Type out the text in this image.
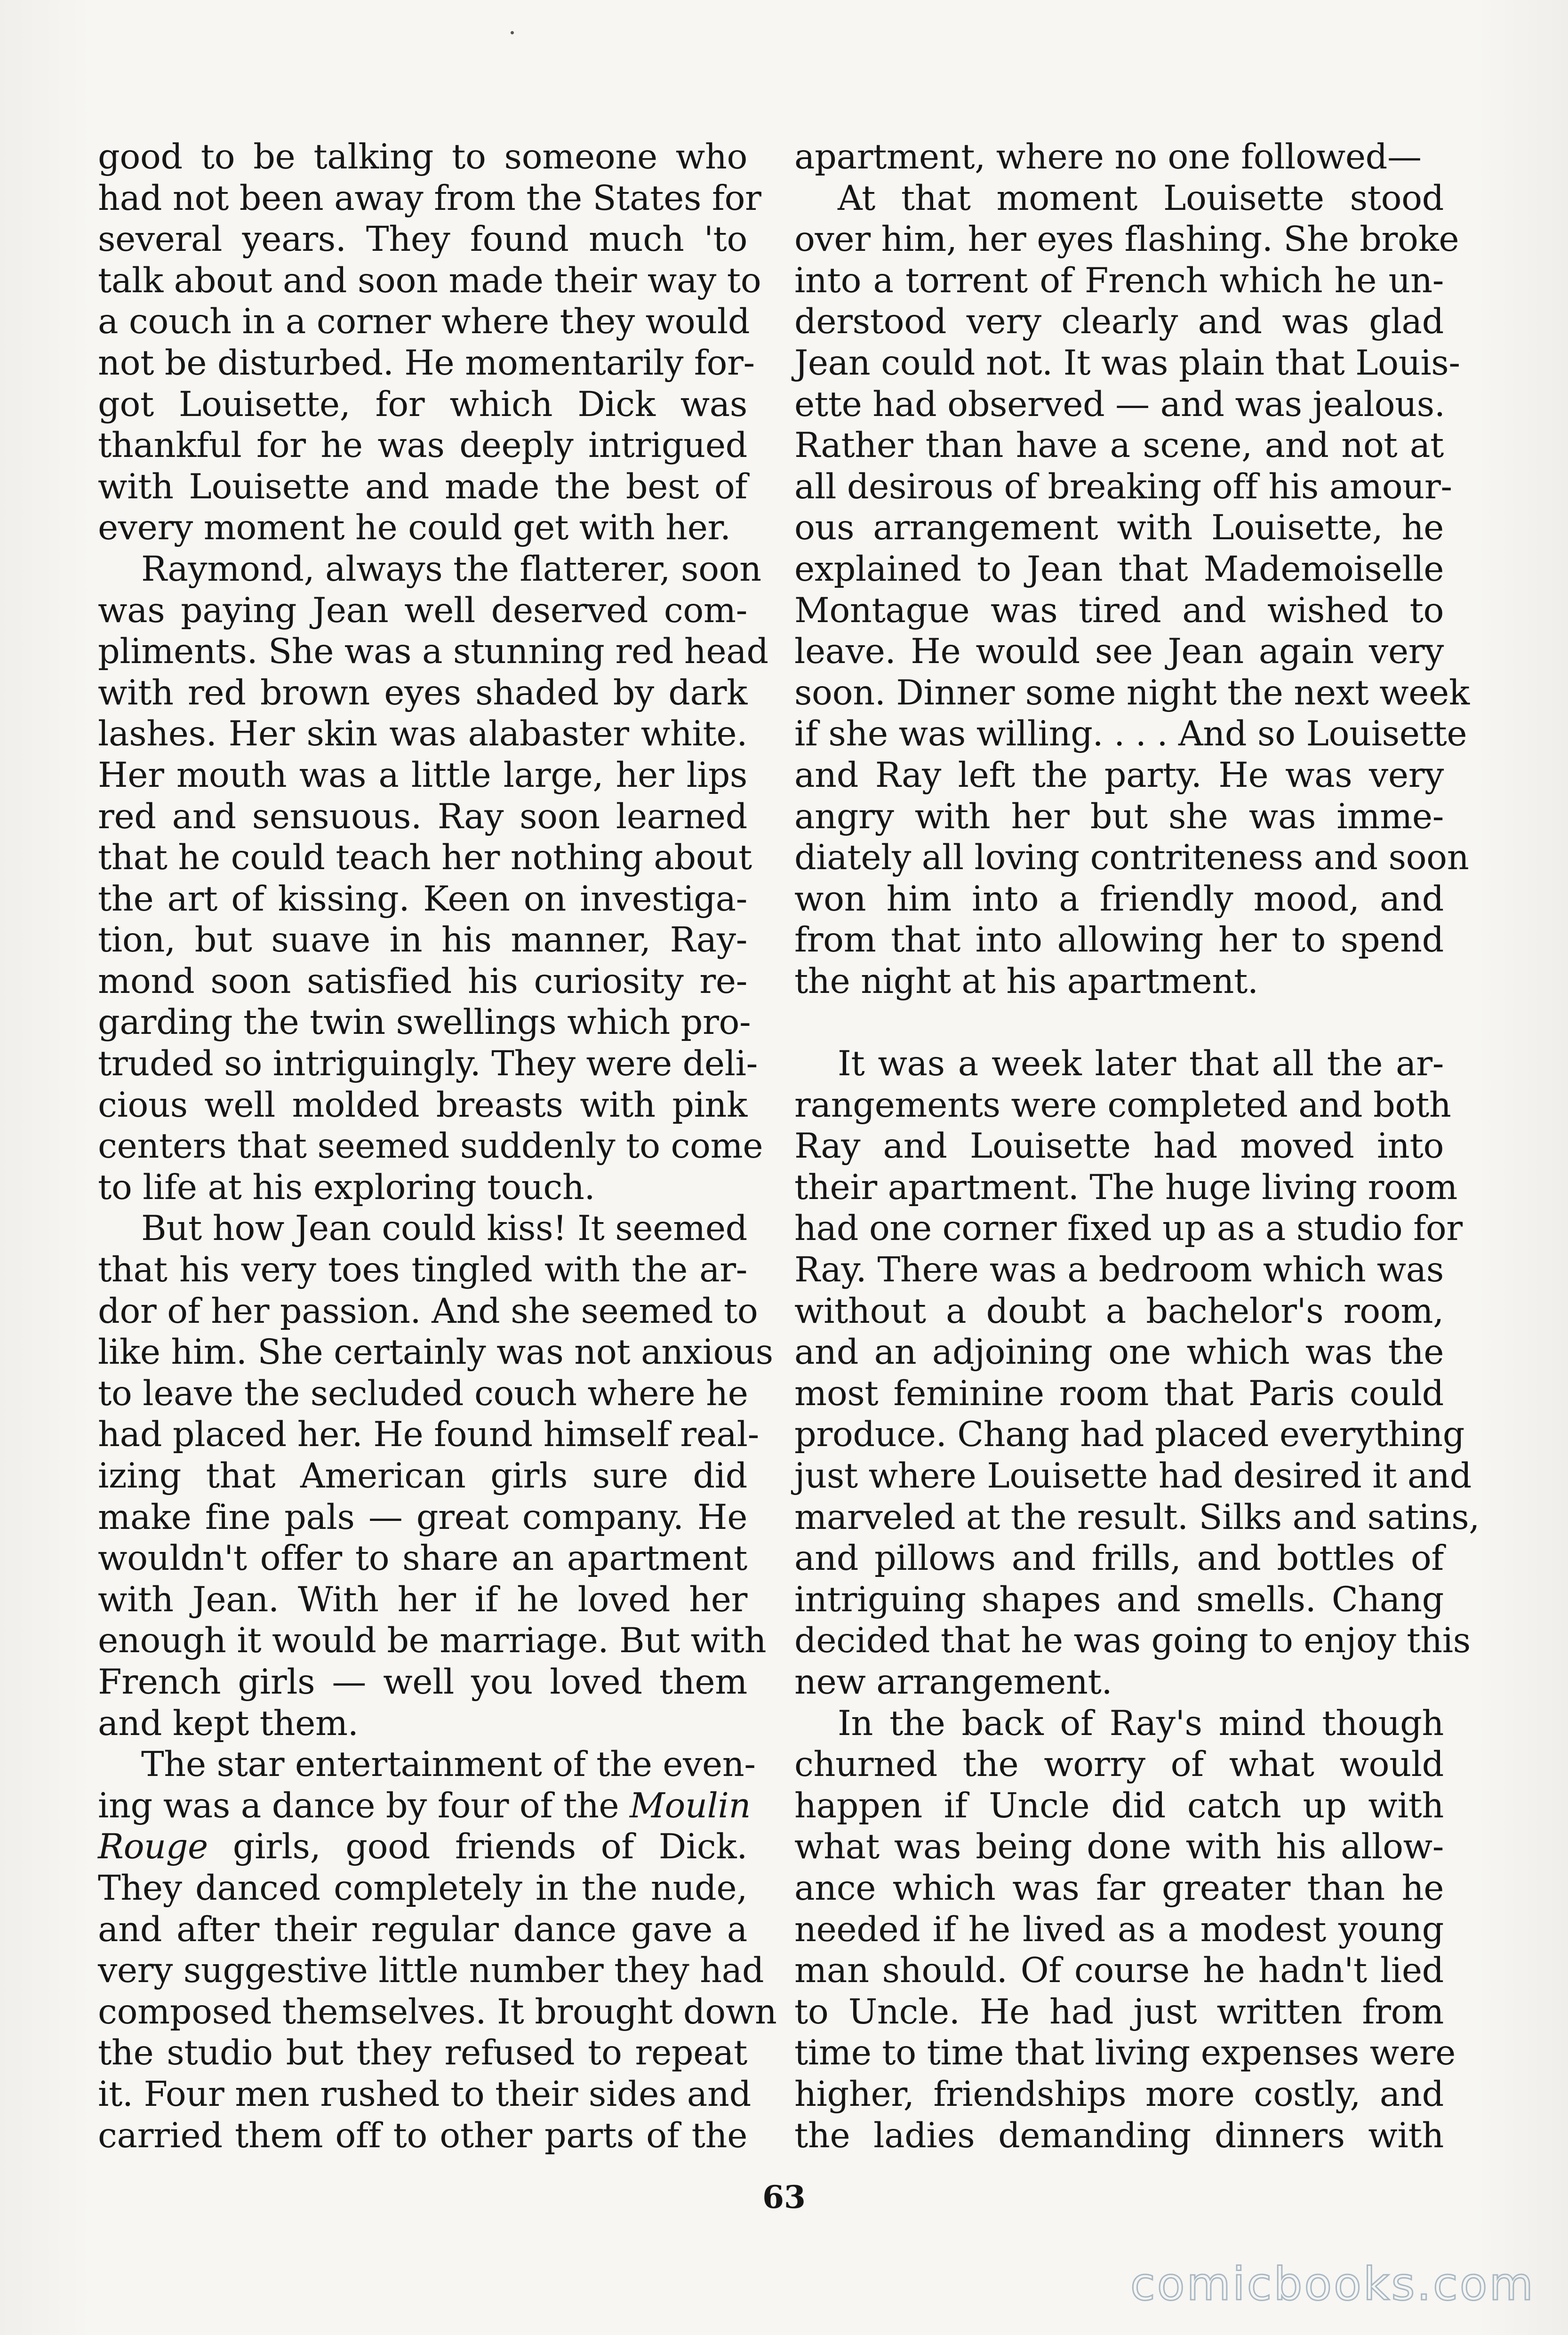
good to be talking to someone who
had not been away from the States for
several years. They found much 'to
talk about and soon made their way to
a couch in a corner where they would
not be disturbed. He momentarily for-
got Louisette, for which Dick was
thankful for he was deeply intrigued
with Louisette and made the best of
every moment he could get with her.
Raymond, always the flatterer, soon
was paying Jean well deserved com-
pliments. She was a stunning red head
with red brown eyes shaded by dark
lashes. Her skin was alabaster white.
Her mouth was a little large, her lips
red and sensuous. Ray soon learned
that he could teach her nothing about
the art of kissing. Keen on investiga-
tion, but suave in his manner, Ray-
mond soon satisfied his curiosity re-
garding the twin swellings which pro-
truded so intriguingly. They were deli-
cious well molded breasts with pink
centers that seemed suddenly to come
to life at his exploring touch.
But how Jean could kiss! It seemed
that his very toes tingled with the ar-
dor of her passion. And she seemed to
like him. She certainly was not anxious
to leave the secluded couch where he
had placed her. He found himself real-
izing that American girls sure did
make fine pals — great company. He
wouldn't offer to share an apartment
with Jean. With her if he loved her
enough it would be marriage. But with
French girls — well you loved them
and kept them.
The star entertainment of the even-
ing was a dance by four of the Moulin
Rouge girls, good friends of Dick.
They danced completely in the nude,
and after their regular dance gave a
very suggestive little number they had
composed themselves. It brought down
the studio but they refused to repeat
it. Four men rushed to their sides and
carried them off to other parts of the
apartment, where no one followed—
At that moment Louisette stood
over him, her eyes flashing. She broke
into a torrent of French which he un-
derstood very clearly and was glad
Jean could not. It was plain that Louis-
ette had observed — and was jealous.
Rather than have a scene, and not at
all desirous of breaking off his amour-
ous arrangement with Louisette, he
explained to Jean that Mademoiselle
Montague was tired and wished to
leave. He would see Jean again very
soon. Dinner some night the next week
if she was willing. . . . And so Louisette
and Ray left the party. He was very
angry with her but she was imme-
diately all loving contriteness and soon
won him into a friendly mood, and
from that into allowing her to spend
the night at his apartment.
It was a week later that all the ar-
rangements were completed and both
Ray and Louisette had moved into
their apartment. The huge living room
had one corner fixed up as a studio for
Ray. There was a bedroom which was
without a doubt a bachelor's room,
and an adjoining one which was the
most feminine room that Paris could
produce. Chang had placed everything
just where Louisette had desired it and
marveled at the result. Silks and satins,
and pillows and frills, and bottles of
intriguing shapes and smells. Chang
decided that he was going to enjoy this
new arrangement.
In the back of Ray's mind though
churned the worry of what would
happen if Uncle did catch up with
what was being done with his allow-
ance which was far greater than he
needed if he lived as a modest young
man should. Of course he hadn't lied
to Uncle. He had just written from
time to time that living expenses were
higher, friendships more costly, and
the ladies demanding dinners with
63
comicbooks.com
